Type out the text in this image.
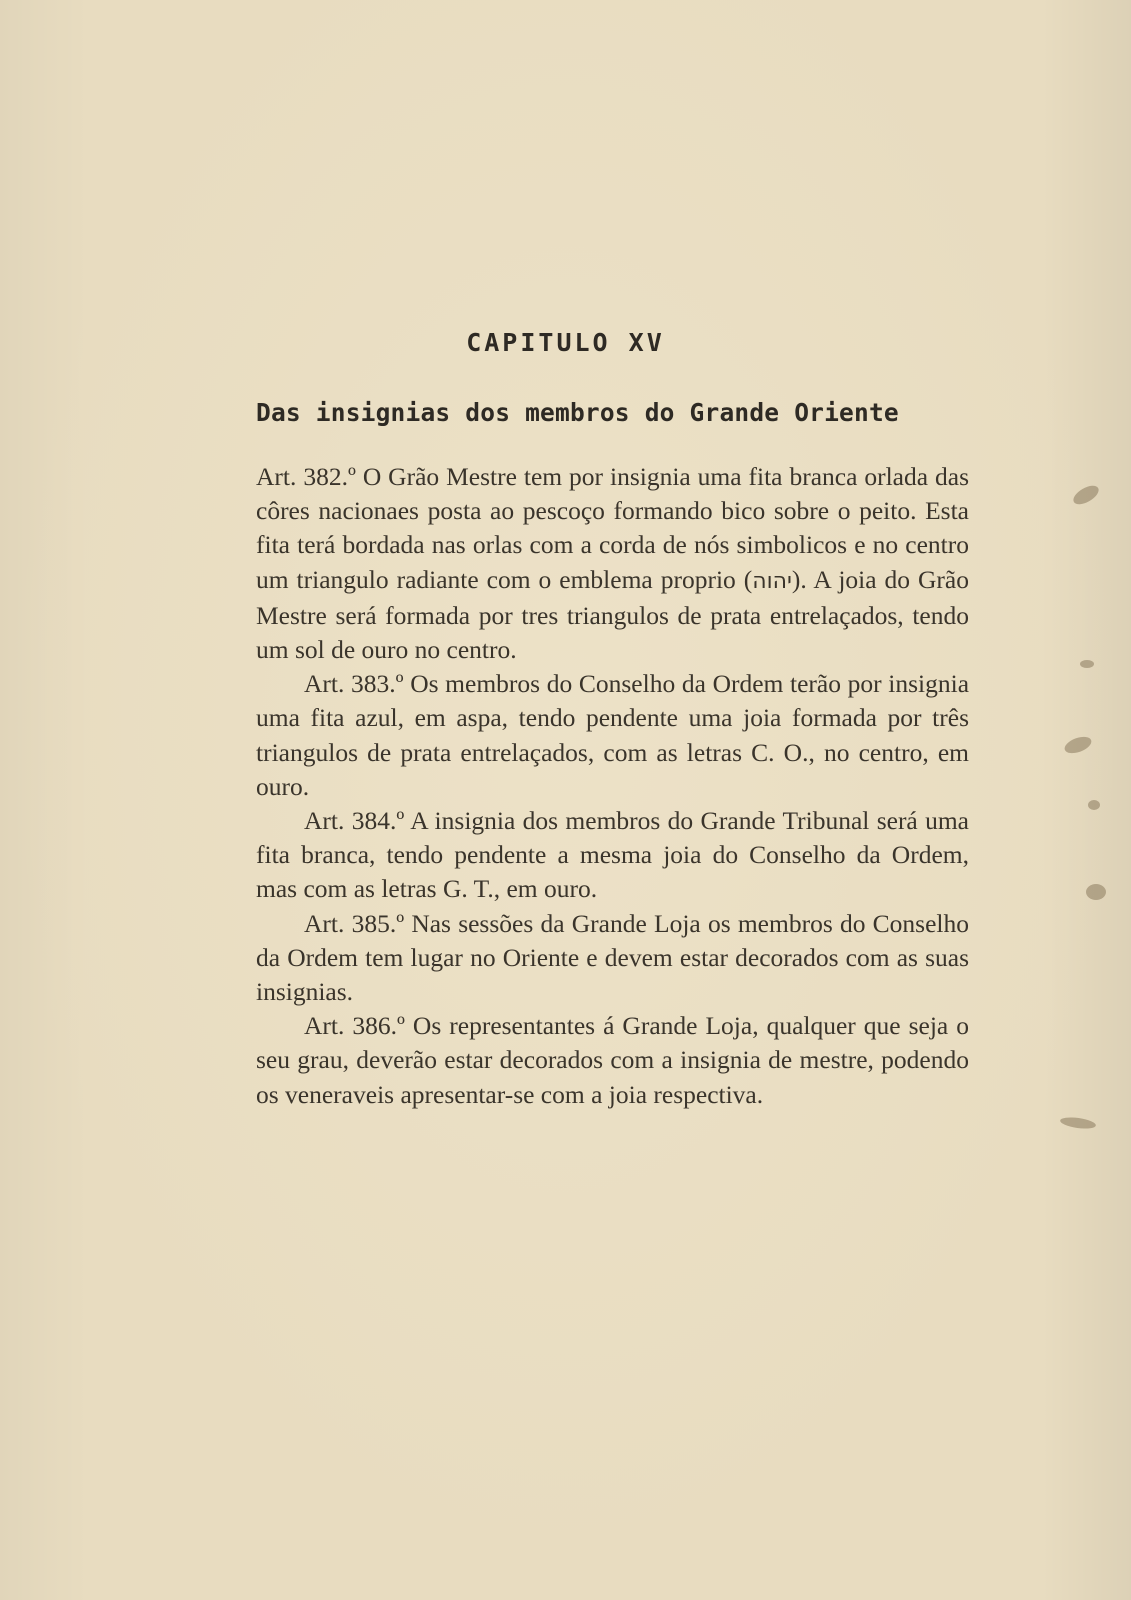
CAPITULO XV
Das insignias dos membros do Grande Oriente

Art. 382.º O Grão Mestre tem por insignia uma fita branca orlada das côres nacionaes posta ao pescoço formando bico sobre o peito. Esta fita terá bordada nas orlas com a corda de nós simbolicos e no centro um triangulo radiante com o emblema proprio (יהוה). A joia do Grão Mestre será formada por tres triangulos de prata entrelaçados, tendo um sol de ouro no centro.

Art. 383.º Os membros do Conselho da Ordem terão por insignia uma fita azul, em aspa, tendo pendente uma joia formada por três triangulos de prata entrelaçados, com as letras C. O., no centro, em ouro.

Art. 384.º A insignia dos membros do Grande Tribunal será uma fita branca, tendo pendente a mesma joia do Conselho da Ordem, mas com as letras G. T., em ouro.

Art. 385.º Nas sessões da Grande Loja os membros do Conselho da Ordem tem lugar no Oriente e devem estar decorados com as suas insignias.

Art. 386.º Os representantes á Grande Loja, qualquer que seja o seu grau, deverão estar decorados com a insignia de mestre, podendo os veneraveis apresentar-se com a joia respectiva.
